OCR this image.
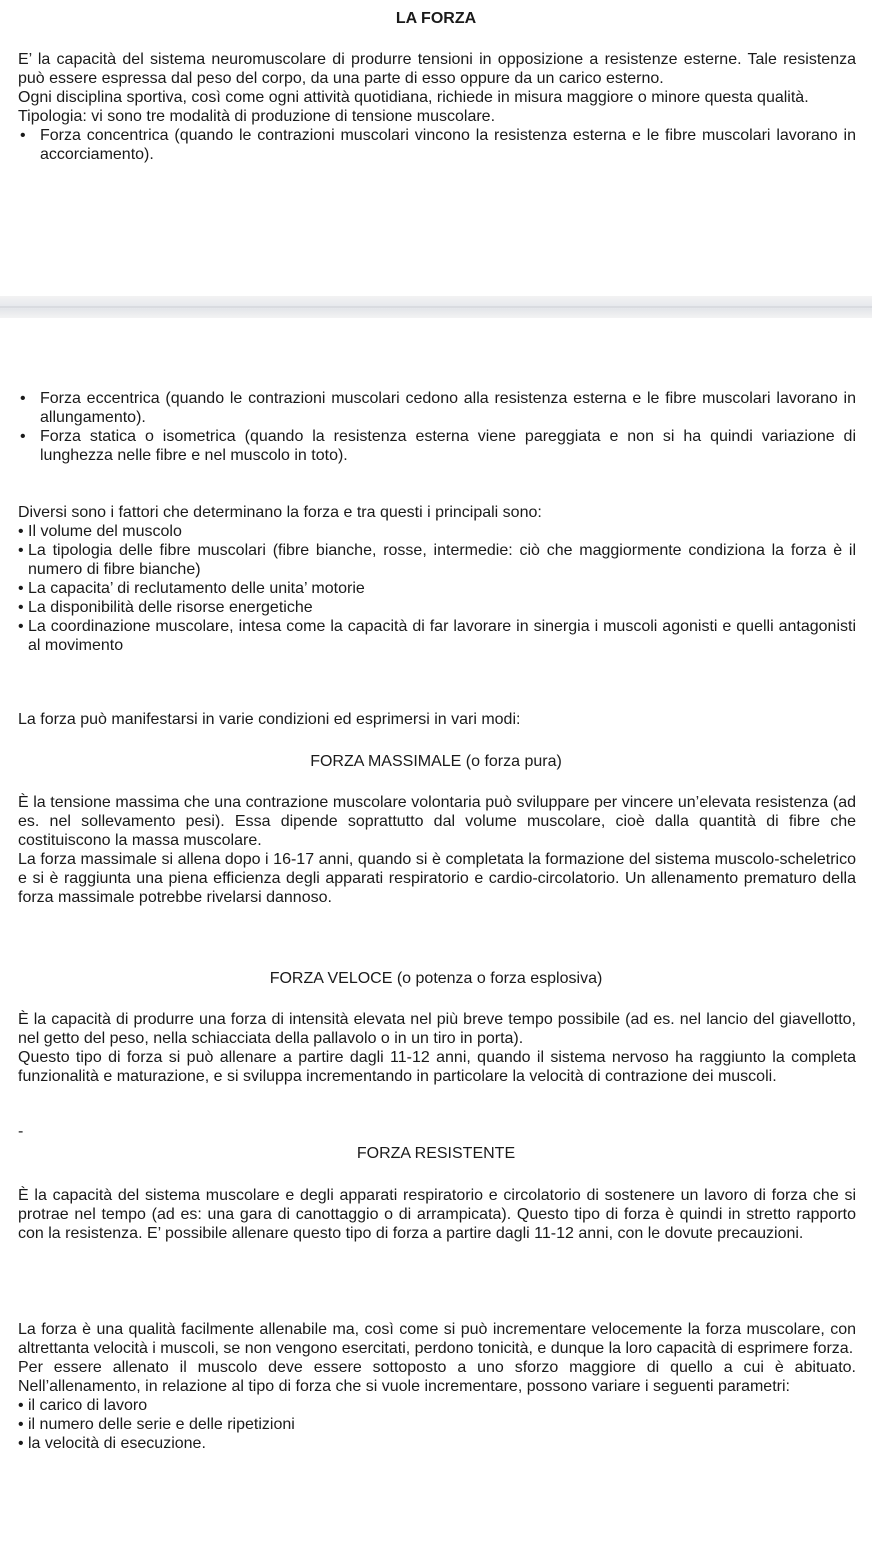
LA FORZA

E’ la capacità del sistema neuromuscolare di produrre tensioni in opposizione a resistenze esterne. Tale resistenza può essere espressa dal peso del corpo, da una parte di esso oppure da un carico esterno.

Ogni disciplina sportiva, così come ogni attività quotidiana, richiede in misura maggiore o minore questa qualità.

Tipologia: vi sono tre modalità di produzione di tensione muscolare.

• Forza concentrica (quando le contrazioni muscolari vincono la resistenza esterna e le fibre muscolari lavorano in accorciamento).
• Forza eccentrica (quando le contrazioni muscolari cedono alla resistenza esterna e le fibre muscolari lavorano in allungamento).
• Forza statica o isometrica (quando la resistenza esterna viene pareggiata e non si ha quindi variazione di lunghezza nelle fibre e nel muscolo in toto).

Diversi sono i fattori che determinano la forza e tra questi i principali sono:

• Il volume del muscolo
• La tipologia delle fibre muscolari (fibre bianche, rosse, intermedie: ciò che maggiormente condiziona la forza è il numero di fibre bianche)
• La capacita’ di reclutamento delle unita’ motorie
• La disponibilità delle risorse energetiche
• La coordinazione muscolare, intesa come la capacità di far lavorare in sinergia i muscoli agonisti e quelli antagonisti al movimento
La forza può manifestarsi in varie condizioni ed esprimersi in vari modi:
FORZA MASSIMALE (o forza pura)

È la tensione massima che una contrazione muscolare volontaria può sviluppare per vincere un’elevata resistenza (ad es. nel sollevamento pesi). Essa dipende soprattutto dal volume muscolare, cioè dalla quantità di fibre che costituiscono la massa muscolare.

La forza massimale si allena dopo i 16-17 anni, quando si è completata la formazione del sistema muscolo-scheletrico e si è raggiunta una piena efficienza degli apparati respiratorio e cardio-circolatorio. Un allenamento prematuro della forza massimale potrebbe rivelarsi dannoso.

FORZA VELOCE (o potenza o forza esplosiva)

È la capacità di produrre una forza di intensità elevata nel più breve tempo possibile (ad es. nel lancio del giavellotto, nel getto del peso, nella schiacciata della pallavolo o in un tiro in porta).

Questo tipo di forza si può allenare a partire dagli 11-12 anni, quando il sistema nervoso ha raggiunto la completa funzionalità e maturazione, e si sviluppa incrementando in particolare la velocità di contrazione dei muscoli.

-
FORZA RESISTENTE

È la capacità del sistema muscolare e degli apparati respiratorio e circolatorio di sostenere un lavoro di forza che si protrae nel tempo (ad es: una gara di canottaggio o di arrampicata). Questo tipo di forza è quindi in stretto rapporto con la resistenza. E’ possibile allenare questo tipo di forza a partire dagli 11-12 anni, con le dovute precauzioni.

La forza è una qualità facilmente allenabile ma, così come si può incrementare velocemente la forza muscolare, con altrettanta velocità i muscoli, se non vengono esercitati, perdono tonicità, e dunque la loro capacità di esprimere forza.

Per essere allenato il muscolo deve essere sottoposto a uno sforzo maggiore di quello a cui è abituato. Nell’allenamento, in relazione al tipo di forza che si vuole incrementare, possono variare i seguenti parametri:

• il carico di lavoro
• il numero delle serie e delle ripetizioni
• la velocità di esecuzione.
